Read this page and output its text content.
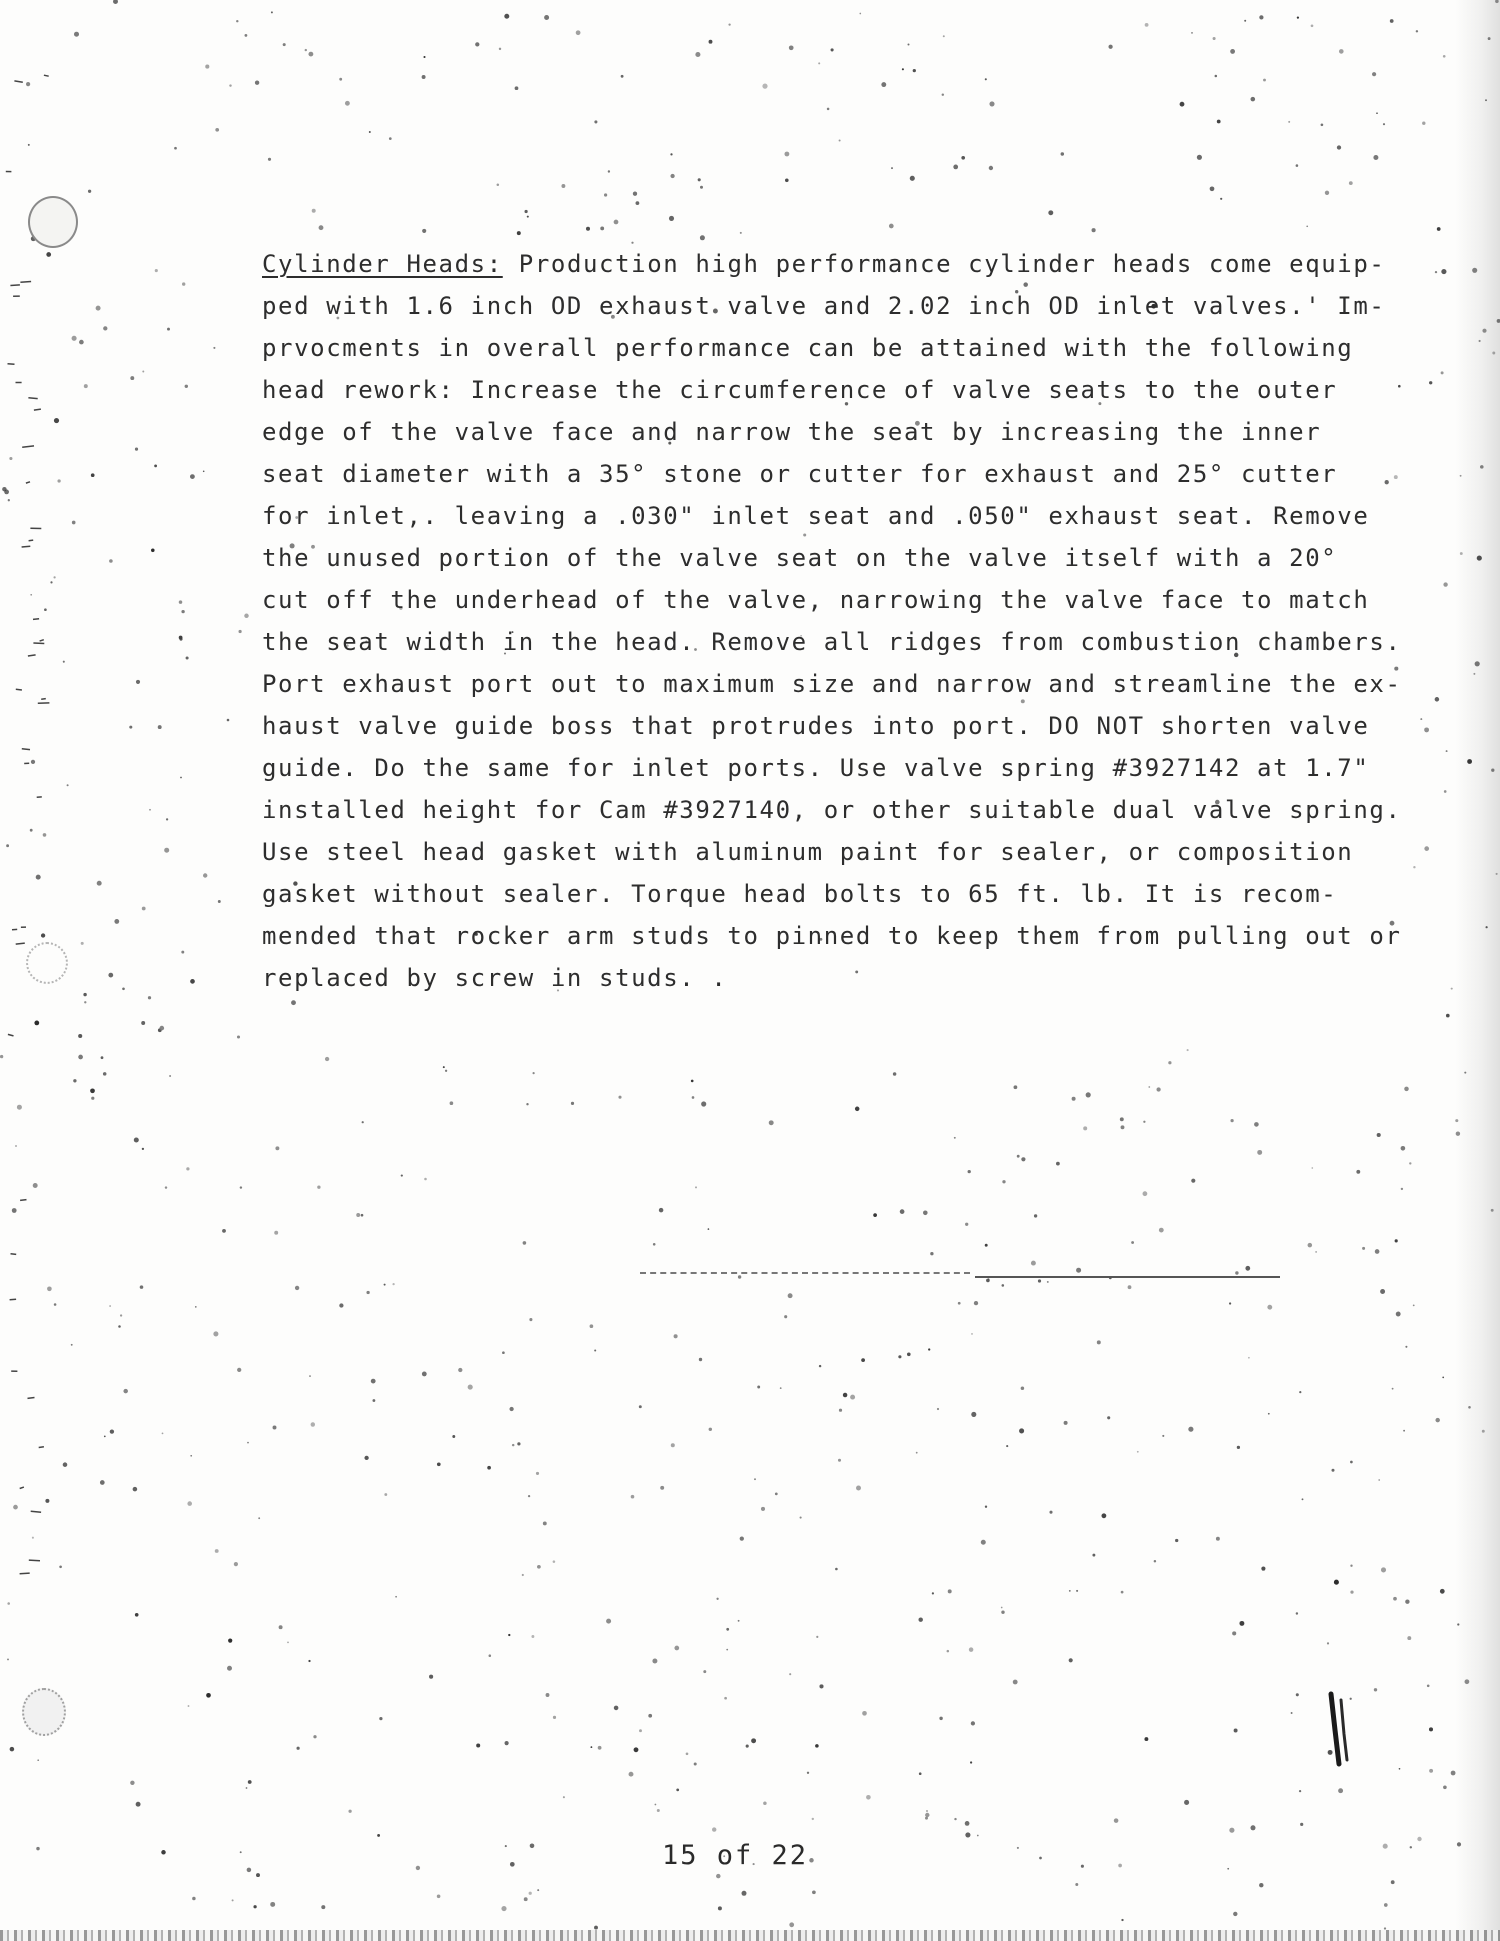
Cylinder Heads: Production high performance cylinder heads come equip-
ped with 1.6 inch OD exhaust valve and 2.02 inch OD inlet valves.' Im-
prvocments in overall performance can be attained with the following
head rework: Increase the circumference of valve seats to the outer
edge of the valve face and narrow the seat by increasing the inner
seat diameter with a 35° stone or cutter for exhaust and 25° cutter
for inlet,. leaving a .030" inlet seat and .050" exhaust seat. Remove
the unused portion of the valve seat on the valve itself with a 20°
cut off the underhead of the valve, narrowing the valve face to match
the seat width in the head. Remove all ridges from combustion chambers.
Port exhaust port out to maximum size and narrow and streamline the ex-
haust valve guide boss that protrudes into port. DO NOT shorten valve
guide. Do the same for inlet ports. Use valve spring #3927142 at 1.7"
installed height for Cam #3927140, or other suitable dual valve spring.
Use steel head gasket with aluminum paint for sealer, or composition
gasket without sealer. Torque head bolts to 65 ft. lb. It is recom-
mended that rocker arm studs to pinned to keep them from pulling out or
replaced by screw in studs. .
15 of 22
